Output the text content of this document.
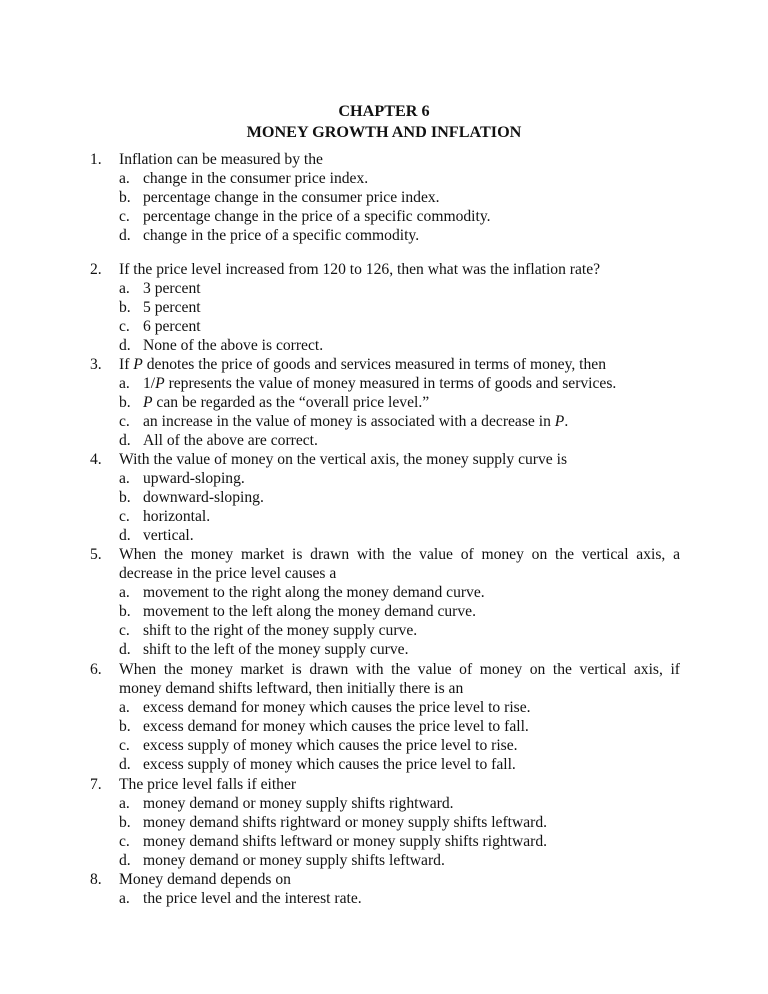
CHAPTER 6
MONEY GROWTH AND INFLATION
1.	Inflation can be measured by the
a. change in the consumer price index.
b. percentage change in the consumer price index.
c. percentage change in the price of a specific commodity.
d. change in the price of a specific commodity.
2.	If the price level increased from 120 to 126, then what was the inflation rate?
a. 3 percent
b. 5 percent
c. 6 percent
d. None of the above is correct.
3.	If P denotes the price of goods and services measured in terms of money, then
a. 1/P represents the value of money measured in terms of goods and services.
b. P can be regarded as the “overall price level.”
c. an increase in the value of money is associated with a decrease in P.
d. All of the above are correct.
4.	With the value of money on the vertical axis, the money supply curve is
a. upward-sloping.
b. downward-sloping.
c. horizontal.
d. vertical.
5.	When the money market is drawn with the value of money on the vertical axis, a
decrease in the price level causes a
a. movement to the right along the money demand curve.
b. movement to the left along the money demand curve.
c. shift to the right of the money supply curve.
d. shift to the left of the money supply curve.
6.	When the money market is drawn with the value of money on the vertical axis, if
money demand shifts leftward, then initially there is an
a. excess demand for money which causes the price level to rise.
b. excess demand for money which causes the price level to fall.
c. excess supply of money which causes the price level to rise.
d. excess supply of money which causes the price level to fall.
7.	The price level falls if either
a. money demand or money supply shifts rightward.
b. money demand shifts rightward or money supply shifts leftward.
c. money demand shifts leftward or money supply shifts rightward.
d. money demand or money supply shifts leftward.
8.	Money demand depends on
a. the price level and the interest rate.
